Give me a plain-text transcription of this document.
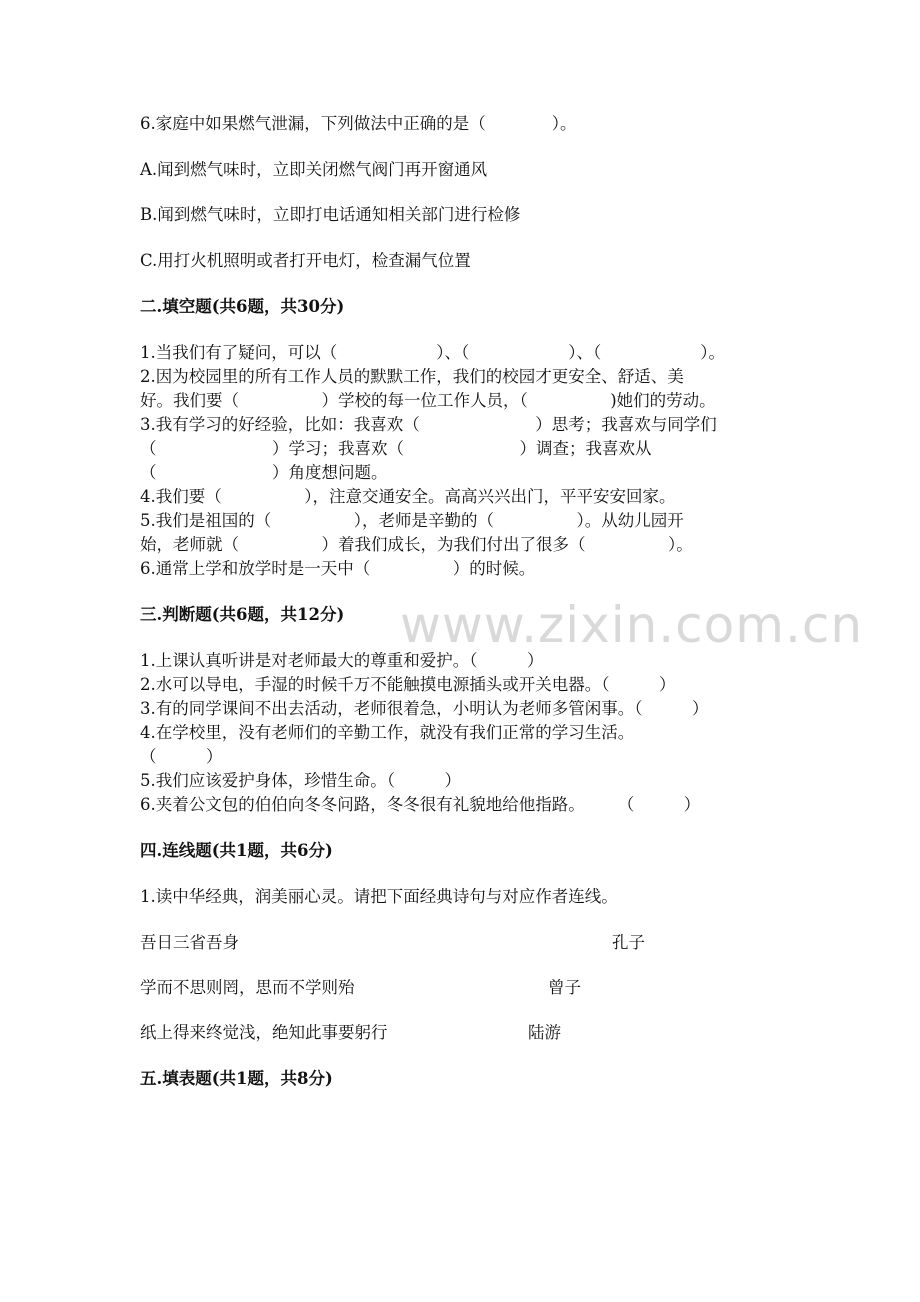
www.zixin.com.cn
6.家庭中如果燃气泄漏，下列做法中正确的是（　　　　）。
A.闻到燃气味时，立即关闭燃气阀门再开窗通风
B.闻到燃气味时，立即打电话通知相关部门进行检修
C.用打火机照明或者打开电灯，检查漏气位置
二.填空题(共6题，共30分)
1.当我们有了疑问，可以（　　　　　　）、（　　　　　　）、（　　　　　　）。
2.因为校园里的所有工作人员的默默工作，我们的校园才更安全、舒适、美
好。我们要（　　　　　）学校的每一位工作人员，（　　　　　)她们的劳动。
3.我有学习的好经验，比如：我喜欢（　　　　　　　）思考；我喜欢与同学们
（　　　　　　　）学习；我喜欢（　　　　　　　）调查；我喜欢从
（　　　　　　　）角度想问题。
4.我们要（　　　　　），注意交通安全。高高兴兴出门，平平安安回家。
5.我们是祖国的（　　　　　），老师是辛勤的（　　　　　）。从幼儿园开
始，老师就（　　　　　）着我们成长，为我们付出了很多（　　　　　）。
6.通常上学和放学时是一天中（　　　　　）的时候。
三.判断题(共6题，共12分)
1.上课认真听讲是对老师最大的尊重和爱护。（　　　）
2.水可以导电，手湿的时候千万不能触摸电源插头或开关电器。（　　　）
3.有的同学课间不出去活动，老师很着急，小明认为老师多管闲事。（　　　）
4.在学校里，没有老师们的辛勤工作，就没有我们正常的学习生活。
（　　　）
5.我们应该爱护身体，珍惜生命。（　　　）
6.夹着公文包的伯伯向冬冬问路，冬冬很有礼貌地给他指路。　　　（　　　）
四.连线题(共1题，共6分)
1.读中华经典，润美丽心灵。请把下面经典诗句与对应作者连线。
吾日三省吾身	孔子
学而不思则罔，思而不学则殆	曾子
纸上得来终觉浅，绝知此事要躬行	陆游
五.填表题(共1题，共8分)
